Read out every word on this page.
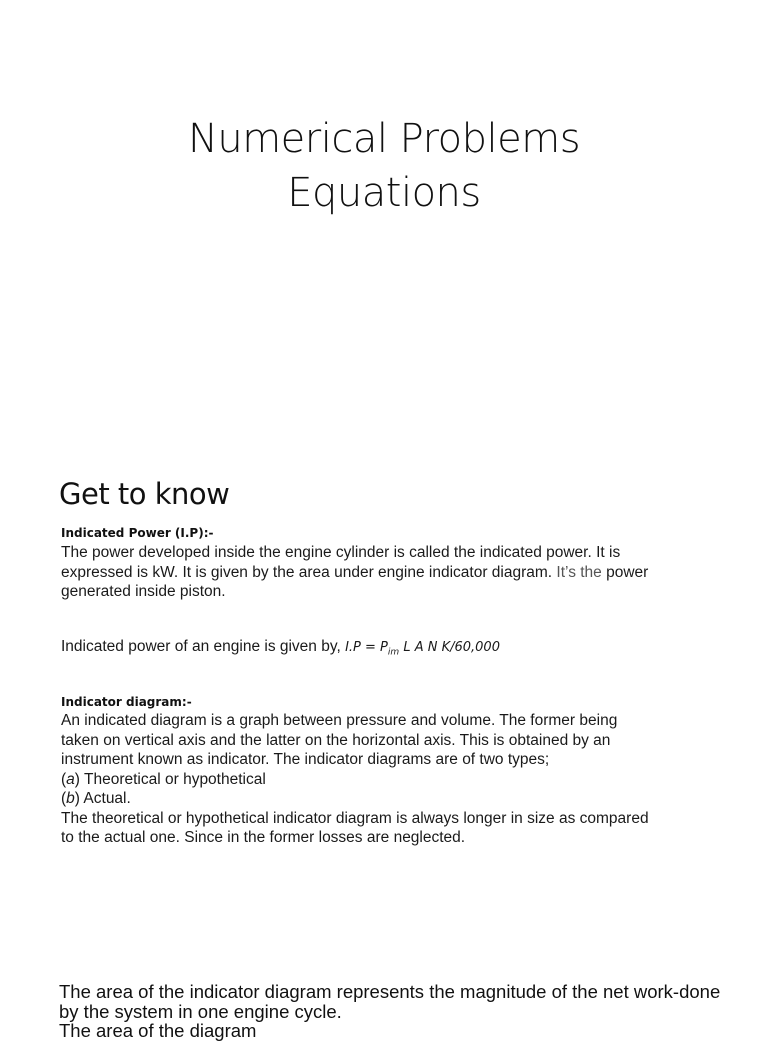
Numerical Problems
Equations
Get to know
Indicated Power (I.P):-
The power developed inside the engine cylinder is called the indicated power. It is expressed is kW. It is given by the area under engine indicator diagram. It’s the power generated inside piston.
Indicated power of an engine is given by, $I.P = P_{im}$ L A N K/60,000
Indicator diagram:-
An indicated diagram is a graph between pressure and volume. The former being taken on vertical axis and the latter on the horizontal axis. This is obtained by an instrument known as indicator. The indicator diagrams are of two types;
(a) Theoretical or hypothetical
(b) Actual.
The theoretical or hypothetical indicator diagram is always longer in size as compared to the actual one. Since in the former losses are neglected.
The area of the indicator diagram represents the magnitude of the net work-done by the system in one engine cycle.
The area of the diagram
